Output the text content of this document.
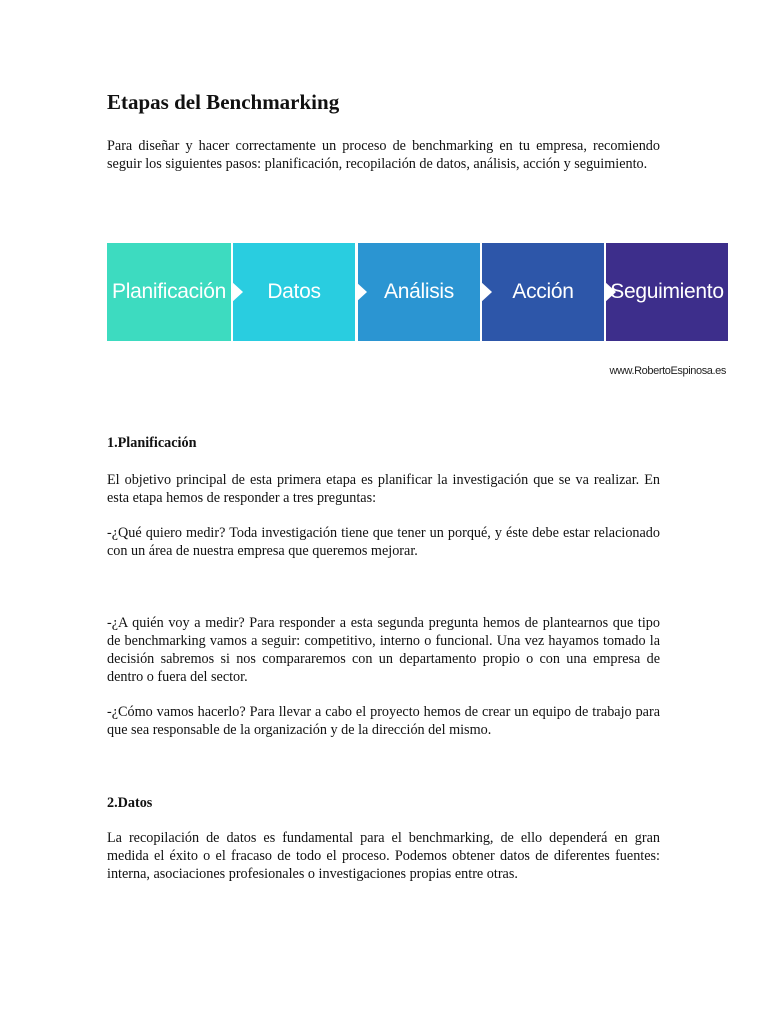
Etapas del Benchmarking

Para diseñar y hacer correctamente un proceso de benchmarking en tu empresa, recomiendo seguir los siguientes pasos: planificación, recopilación de datos, análisis, acción y seguimiento.

1.Planificación

El objetivo principal de esta primera etapa es planificar la investigación que se va realizar. En esta etapa hemos de responder a tres preguntas:

-¿Qué quiero medir? Toda investigación tiene que tener un porqué, y éste debe estar relacionado con un área de nuestra empresa que queremos mejorar.

-¿A quién voy a medir? Para responder a esta segunda pregunta hemos de plantearnos que tipo de benchmarking vamos a seguir: competitivo, interno o funcional. Una vez hayamos tomado la decisión sabremos si nos compararemos con un departamento propio o con una empresa de dentro o fuera del sector.

-¿Cómo vamos hacerlo? Para llevar a cabo el proyecto hemos de crear un equipo de trabajo para que sea responsable de la organización y de la dirección del mismo.

2.Datos

La recopilación de datos es fundamental para el benchmarking, de ello dependerá en gran medida el éxito o el fracaso de todo el proceso. Podemos obtener datos de diferentes fuentes: interna, asociaciones profesionales o investigaciones propias entre otras.

Planificación Datos	Análisis	Acción Seguimiento
www.RobertoEspinosa.es
